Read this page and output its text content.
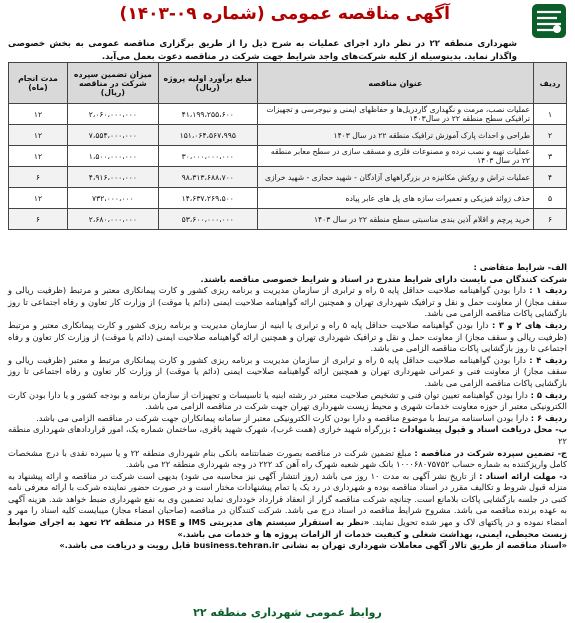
آگهی مناقصه عمومی (شماره ۰۹-۱۴۰۳)
شهرداری منطقه ۲۲ در نظر دارد اجرای عملیات به شرح ذیل را از طریق برگزاری مناقصه عمومی به بخش خصوصی واگذار نماید. بدینوسیله از کلیه شرکت‌های واجد شرایط جهت شرکت در مناقصه دعوت بعمل می‌آید.
ردیف	عنوان مناقصه	مبلغ برآورد اولیه پروژه (ریال)	میزان تضمین سپرده شرکت در مناقصه (ریال)	مدت انجام (ماه)
۱	عملیات نصب، مرمت و نگهداری گاردریل‌ها و حفاظهای ایمنی و نیوجرسی و تجهیزات ترافیکی سطح منطقه ۲۲ در سال۱۴۰۳	۴۱،۱۹۹،۲۵۵،۶۰۰	۲،۰۶۰،۰۰۰،۰۰۰	۱۲
۲	طراحی و احداث پارک آموزش ترافیک منطقه ۲۲ در سال ۱۴۰۳	۱۵۱،۰۶۴،۵۶۷،۹۹۵	۷،۵۵۴،۰۰۰،۰۰۰	۱۲
۳	عملیات تهیه و نصب نرده و مصنوعات فلزی و مسقف سازی در سطح معابر منطقه ۲۲ در سال ۱۴۰۳	۳۰،۰۰۰،۰۰۰،۰۰۰	۱،۵۰۰،۰۰۰،۰۰۰	۱۲
۴	عملیات تراش و روکش مکانیزه در بزرگراههای آزادگان - شهید حجازی - شهید خرازی	۹۸،۳۱۳،۶۸۸،۷۰۰	۴،۹۱۶،۰۰۰،۰۰۰	۶
۵	حذف زوائد فیزیکی و تعمیرات سازه های پل های عابر پیاده	۱۴،۶۳۷،۲۶۹،۵۰۰	۷۳۲،۰۰۰،۰۰۰	۱۲
۶	خرید پرچم و اقلام آذین بندی مناسبتی سطح منطقه ۲۲ در سال ۱۴۰۳	۵۳،۶۰۰،۰۰۰،۰۰۰	۲،۶۸۰،۰۰۰،۰۰۰	۶

الف- شرایط متقاضی :

شرکت کنندگان می بایست دارای شرایط مندرج در اسناد و شرایط خصوصی مناقصه باشند.

ردیف ۱ : دارا بودن گواهینامه صلاحیت حداقل پایه ۵ راه و ترابری از سازمان مدیریت و برنامه ریزی کشور و کارت پیمانکاری معتبر و مرتبط (ظرفیت ریالی و سقف مجاز) از معاونت حمل و نقل و ترافیک شهرداری تهران و همچنین ارائه گواهینامه صلاحیت ایمنی (دائم یا موقت) از وزارت کار تعاون و رفاه اجتماعی تا روز بازگشایی پاکات مناقصه الزامی می باشد.

ردیف های ۲ و ۳ : دارا بودن گواهینامه صلاحیت حداقل پایه ۵ راه و ترابری یا ابنیه از سازمان مدیریت و برنامه ریزی کشور و کارت پیمانکاری معتبر و مرتبط (ظرفیت ریالی و سقف مجاز) از معاونت حمل و نقل و ترافیک شهرداری تهران و همچنین ارائه گواهینامه صلاحیت ایمنی (دائم یا موقت) از وزارت کار تعاون و رفاه اجتماعی تا روز بازگشایی پاکات مناقصه الزامی می باشد.

ردیف ۴ : دارا بودن گواهینامه صلاحیت حداقل پایه ۵ راه و ترابری از سازمان مدیریت و برنامه ریزی کشور و کارت پیمانکاری مرتبط و معتبر (ظرفیت ریالی و سقف مجاز) از معاونت فنی و عمرانی شهرداری تهران و همچنین ارائه گواهینامه صلاحیت ایمنی (دائم یا موقت) از وزارت کار تعاون و رفاه اجتماعی تا روز بازگشایی پاکات مناقصه الزامی می باشد.

ردیف ۵ : دارا بودن گواهینامه تعیین توان فنی و تشخیص صلاحیت معتبر در رشته ابنیه یا تاسیسات و تجهیزات از سازمان برنامه و بودجه کشور و یا دارا بودن کارت الکترونیکی معتبر از حوزه معاونت خدمات شهری و محیط زیست شهرداری تهران جهت شرکت در مناقصه الزامی می باشد.

ردیف ۶ : دارا بودن اساسنامه مرتبط با موضوع مناقصه و دارا بودن کارت الکترونیکی معتبر از سامانه پیمانکاران جهت شرکت در مناقصه الزامی می باشد.

ب- محل دریافت اسناد و قبول پیشنهادات : بزرگراه شهید خرازی (همت غرب)، شهرک شهید باقری، ساختمان شماره یک، امور قراردادهای شهرداری منطقه ۲۲

ج- تضمین سپرده شرکت در مناقصه : مبلغ تضمین شرکت در مناقصه بصورت ضمانتنامه بانکی بنام شهرداری منطقه ۲۲ و یا سپرده نقدی با درج مشخصات کامل واریزکننده به شماره حساب ۱۰۰۰۶۸۰۷۵۷۵۲ بانک شهر شعبه شهرک راه آهن کد ۲۲۲ در وجه شهرداری منطقه ۲۲ می باشد.

د- مهلت ارائه اسناد : از تاریخ نشر آگهی به مدت ۱۰ روز می باشد (روز انتشار آگهی نیز محاسبه می شود) بدیهی است شرکت در مناقصه و ارائه پیشنهاد به منزله قبول شروط و تکالیف مقرر در اسناد مناقصه بوده و شهرداری در رد یک یا تمام پیشنهادات مختار است و در صورت حضور نماینده شرکت با ارائه معرفی نامه کتبی در جلسه بازگشایی پاکات بلامانع است. چنانچه شرکت مناقصه گزار از انعقاد قرارداد خودداری نماید تضمین وی به نفع شهرداری ضبط خواهد شد. هزینه آگهی به عهده برنده مناقصه می باشد. مشروح شرایط مناقصه در اسناد درج می باشد. شرکت کنندگان در مناقصه (صاحبان امضاء مجاز) میبایست کلیه اسناد را مهر و امضاء نموده و در پاکتهای لاک و مهر شده تحویل نمایند. «نظر به استقرار سیستم های مدیریتی IMS و HSE در منطقه ۲۲ تعهد به اجرای ضوابط زیست محیطی، ایمنی، بهداشت شغلی و کیفیت خدمات از الزامات پروژه ها و خدمات می باشد.»

«اسناد مناقصه از طریق تالار آگهی معاملات شهرداری تهران به نشانی business.tehran.ir قابل رویت و دریافت می باشد.»

روابط عمومی شهرداری منطقه ۲۲
